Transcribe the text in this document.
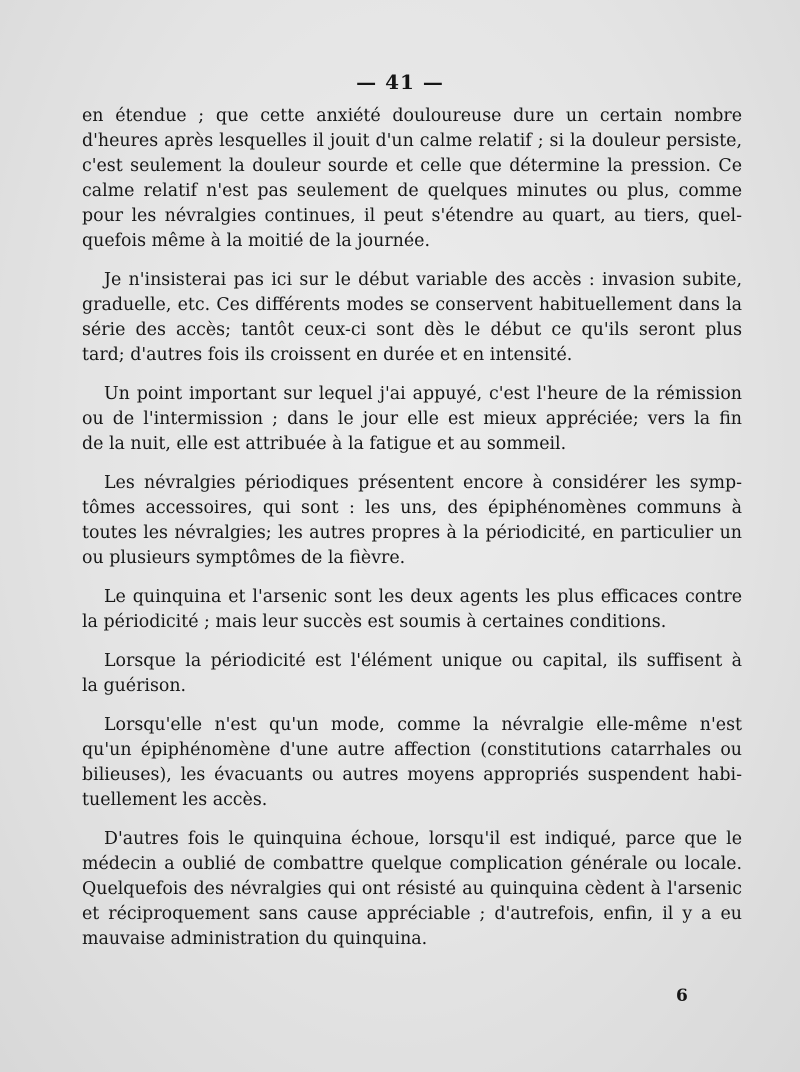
— 41 —

en étendue ; que cette anxiété douloureuse dure un certain nombre
d'heures après lesquelles il jouit d'un calme relatif ; si la douleur persiste,
c'est seulement la douleur sourde et celle que détermine la pression. Ce
calme relatif n'est pas seulement de quelques minutes ou plus, comme
pour les névralgies continues, il peut s'étendre au quart, au tiers, quel-
quefois même à la moitié de la journée.

Je n'insisterai pas ici sur le début variable des accès : invasion subite,
graduelle, etc. Ces différents modes se conservent habituellement dans la
série des accès; tantôt ceux-ci sont dès le début ce qu'ils seront plus
tard; d'autres fois ils croissent en durée et en intensité.

Un point important sur lequel j'ai appuyé, c'est l'heure de la rémission
ou de l'intermission ; dans le jour elle est mieux appréciée; vers la fin
de la nuit, elle est attribuée à la fatigue et au sommeil.

Les névralgies périodiques présentent encore à considérer les symp-
tômes accessoires, qui sont : les uns, des épiphénomènes communs à
toutes les névralgies; les autres propres à la périodicité, en particulier un
ou plusieurs symptômes de la fièvre.

Le quinquina et l'arsenic sont les deux agents les plus efficaces contre
la périodicité ; mais leur succès est soumis à certaines conditions.

Lorsque la périodicité est l'élément unique ou capital, ils suffisent à
la guérison.

Lorsqu'elle n'est qu'un mode, comme la névralgie elle-même n'est
qu'un épiphénomène d'une autre affection (constitutions catarrhales ou
bilieuses), les évacuants ou autres moyens appropriés suspendent habi-
tuellement les accès.

D'autres fois le quinquina échoue, lorsqu'il est indiqué, parce que le
médecin a oublié de combattre quelque complication générale ou locale.
Quelquefois des névralgies qui ont résisté au quinquina cèdent à l'arsenic
et réciproquement sans cause appréciable ; d'autrefois, enfin, il y a eu
mauvaise administration du quinquina.

6
